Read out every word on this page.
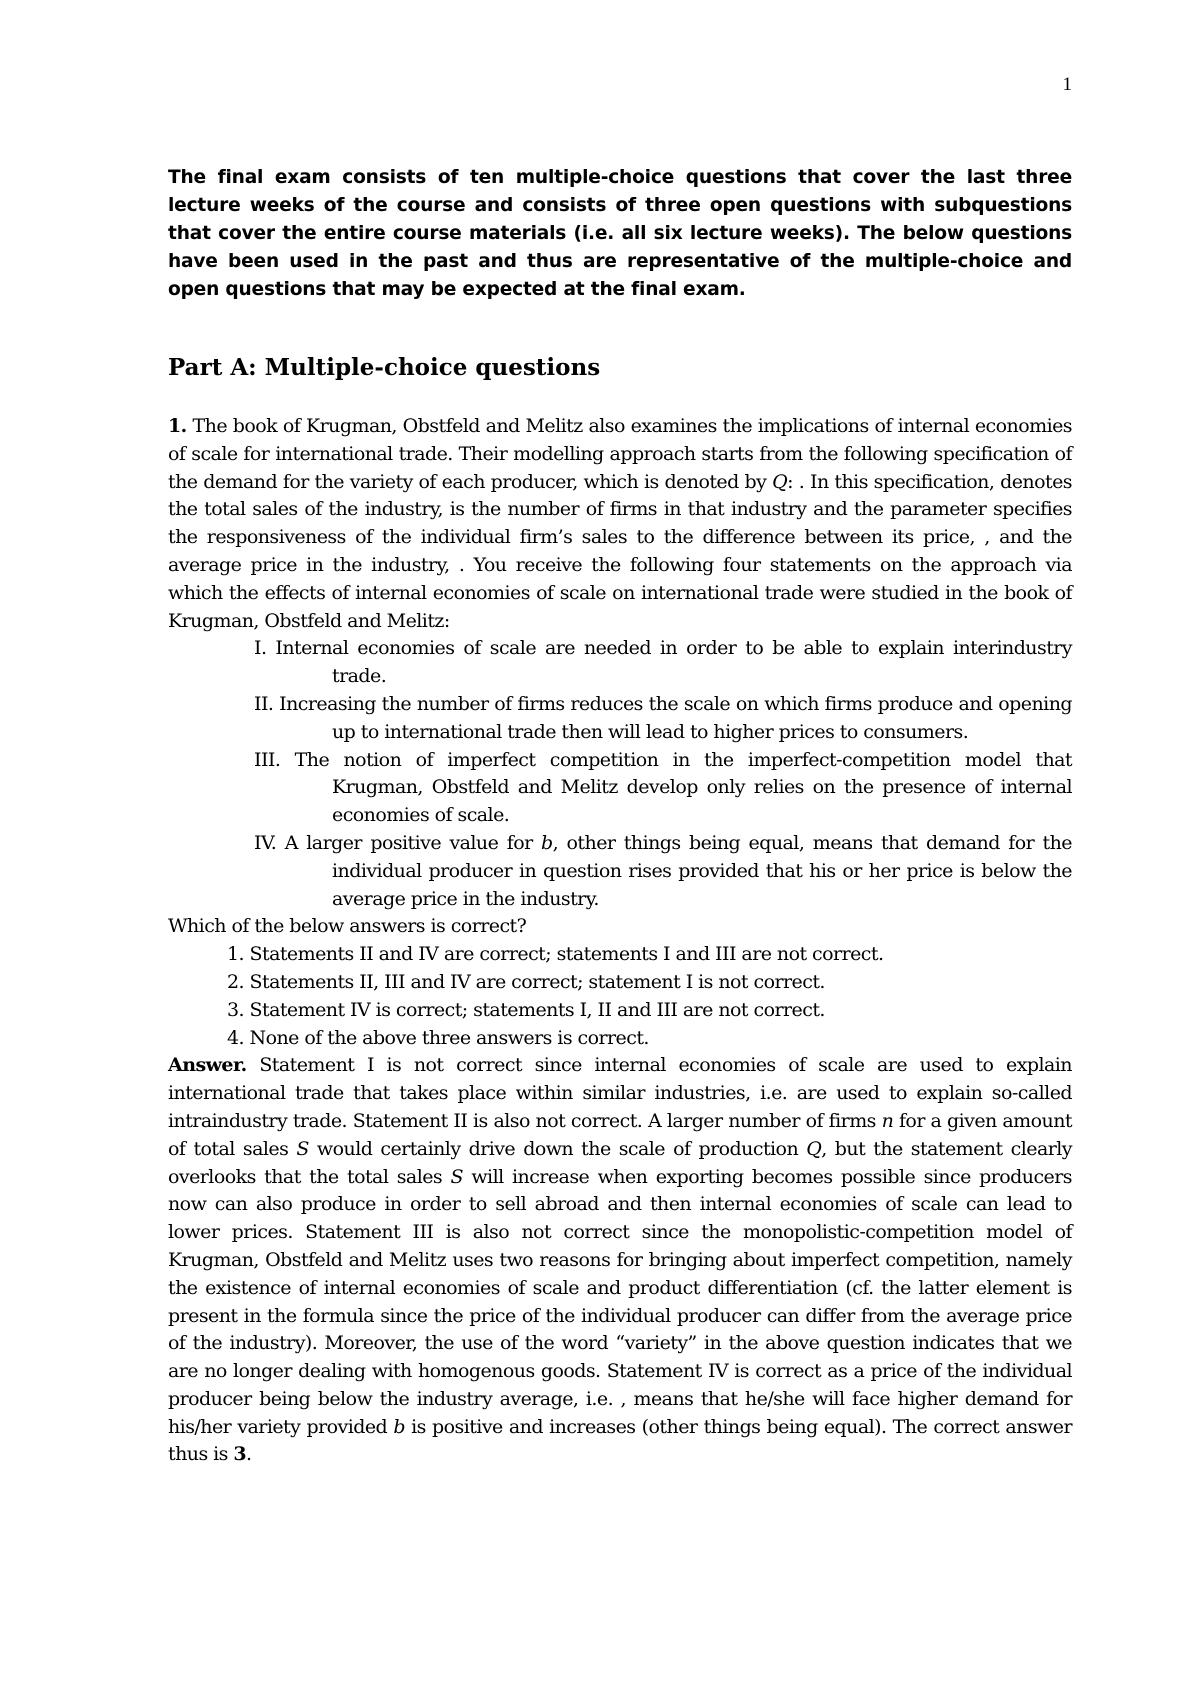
1

The final exam consists of ten multiple-choice questions that cover the last three lecture weeks of the course and consists of three open questions with subquestions that cover the entire course materials (i.e. all six lecture weeks). The below questions have been used in the past and thus are representative of the multiple-choice and open questions that may be expected at the final exam.

Part A: Multiple-choice questions

1. The book of Krugman, Obstfeld and Melitz also examines the implications of internal economies of scale for international trade. Their modelling approach starts from the following specification of the demand for the variety of each producer, which is denoted by Q: . In this specification, denotes the total sales of the industry, is the number of firms in that industry and the parameter specifies the responsiveness of the individual firm’s sales to the difference between its price, , and the average price in the industry, . You receive the following four statements on the approach via which the effects of internal economies of scale on international trade were studied in the book of Krugman, Obstfeld and Melitz:

I. Internal economies of scale are needed in order to be able to explain interindustry trade.
II. Increasing the number of firms reduces the scale on which firms produce and opening up to international trade then will lead to higher prices to consumers.
III. The notion of imperfect competition in the imperfect-competition model that Krugman, Obstfeld and Melitz develop only relies on the presence of internal economies of scale.
IV. A larger positive value for b, other things being equal, means that demand for the individual producer in question rises provided that his or her price is below the average price in the industry.

Which of the below answers is correct?

1. Statements II and IV are correct; statements I and III are not correct.
2. Statements II, III and IV are correct; statement I is not correct.
3. Statement IV is correct; statements I, II and III are not correct.
4. None of the above three answers is correct.

Answer. Statement I is not correct since internal economies of scale are used to explain international trade that takes place within similar industries, i.e. are used to explain so-called intraindustry trade. Statement II is also not correct. A larger number of firms n for a given amount of total sales S would certainly drive down the scale of production Q, but the statement clearly overlooks that the total sales S will increase when exporting becomes possible since producers now can also produce in order to sell abroad and then internal economies of scale can lead to lower prices. Statement III is also not correct since the monopolistic-competition model of Krugman, Obstfeld and Melitz uses two reasons for bringing about imperfect competition, namely the existence of internal economies of scale and product differentiation (cf. the latter element is present in the formula since the price of the individual producer can differ from the average price of the industry). Moreover, the use of the word “variety” in the above question indicates that we are no longer dealing with homogenous goods. Statement IV is correct as a price of the individual producer being below the industry average, i.e. , means that he/she will face higher demand for his/her variety provided b is positive and increases (other things being equal). The correct answer thus is 3.
